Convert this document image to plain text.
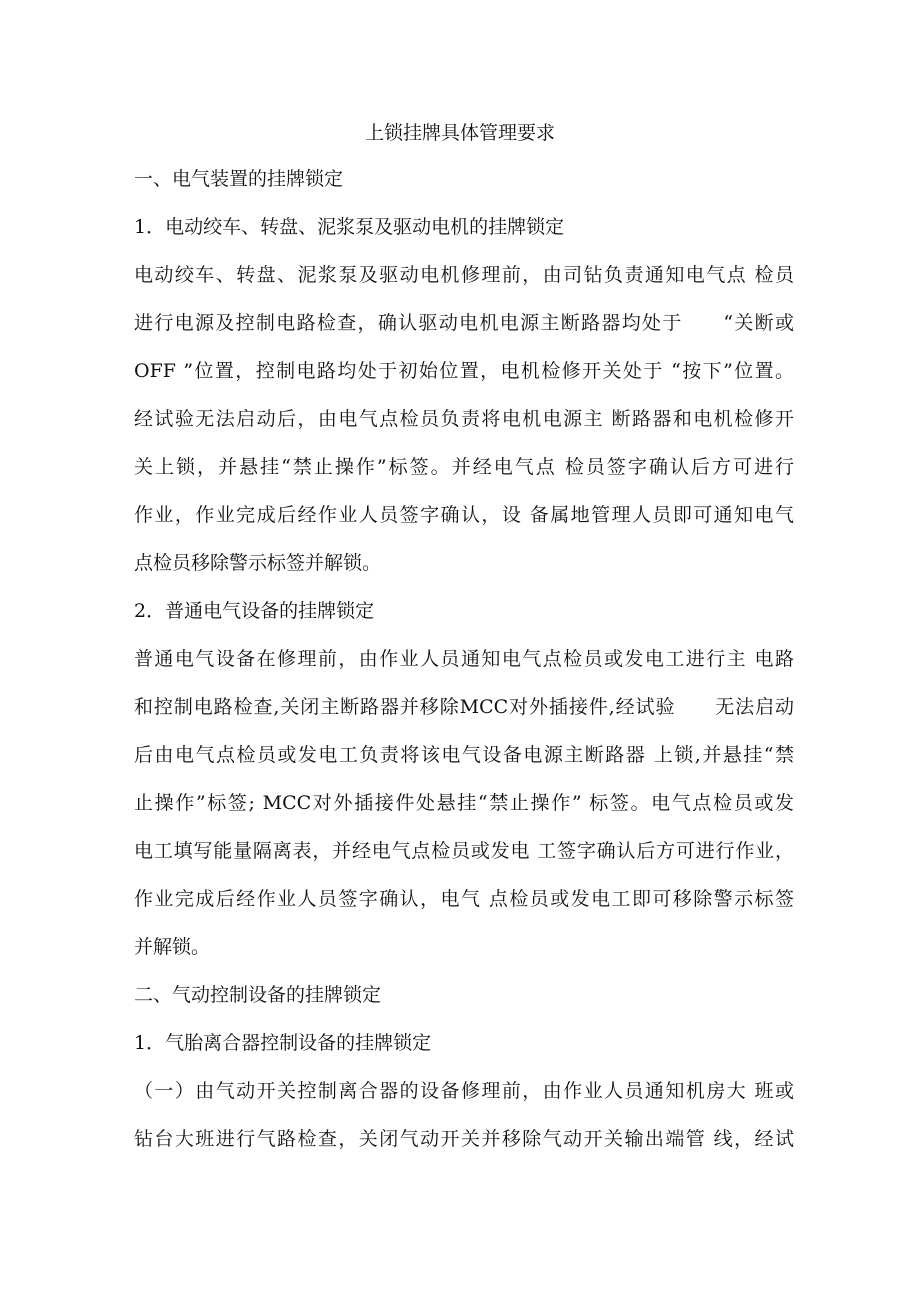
上锁挂牌具体管理要求
一、电气装置的挂牌锁定
1．电动绞车、转盘、泥浆泵及驱动电机的挂牌锁定
电动绞车、转盘、泥浆泵及驱动电机修理前，由司钻负责通知电气点 检员
进行电源及控制电路检查，确认驱动电机电源主断路器均处于　　“关断或
OFF ”位置，控制电路均处于初始位置，电机检修开关处于 “按下”位置。
经试验无法启动后，由电气点检员负责将电机电源主 断路器和电机检修开
关上锁，并悬挂“禁止操作”标签。并经电气点 检员签字确认后方可进行
作业，作业完成后经作业人员签字确认，设 备属地管理人员即可通知电气
点检员移除警示标签并解锁。
2．普通电气设备的挂牌锁定
普通电气设备在修理前，由作业人员通知电气点检员或发电工进行主 电路
和控制电路检查,关闭主断路器并移除MCC对外插接件,经试验　　无法启动
后由电气点检员或发电工负责将该电气设备电源主断路器 上锁,并悬挂“禁
止操作”标签; MCC对外插接件处悬挂“禁止操作” 标签。电气点检员或发
电工填写能量隔离表，并经电气点检员或发电 工签字确认后方可进行作业，
作业完成后经作业人员签字确认，电气 点检员或发电工即可移除警示标签
并解锁。
二、气动控制设备的挂牌锁定
1．气胎离合器控制设备的挂牌锁定
（一）由气动开关控制离合器的设备修理前，由作业人员通知机房大 班或
钻台大班进行气路检查，关闭气动开关并移除气动开关输出端管 线，经试
